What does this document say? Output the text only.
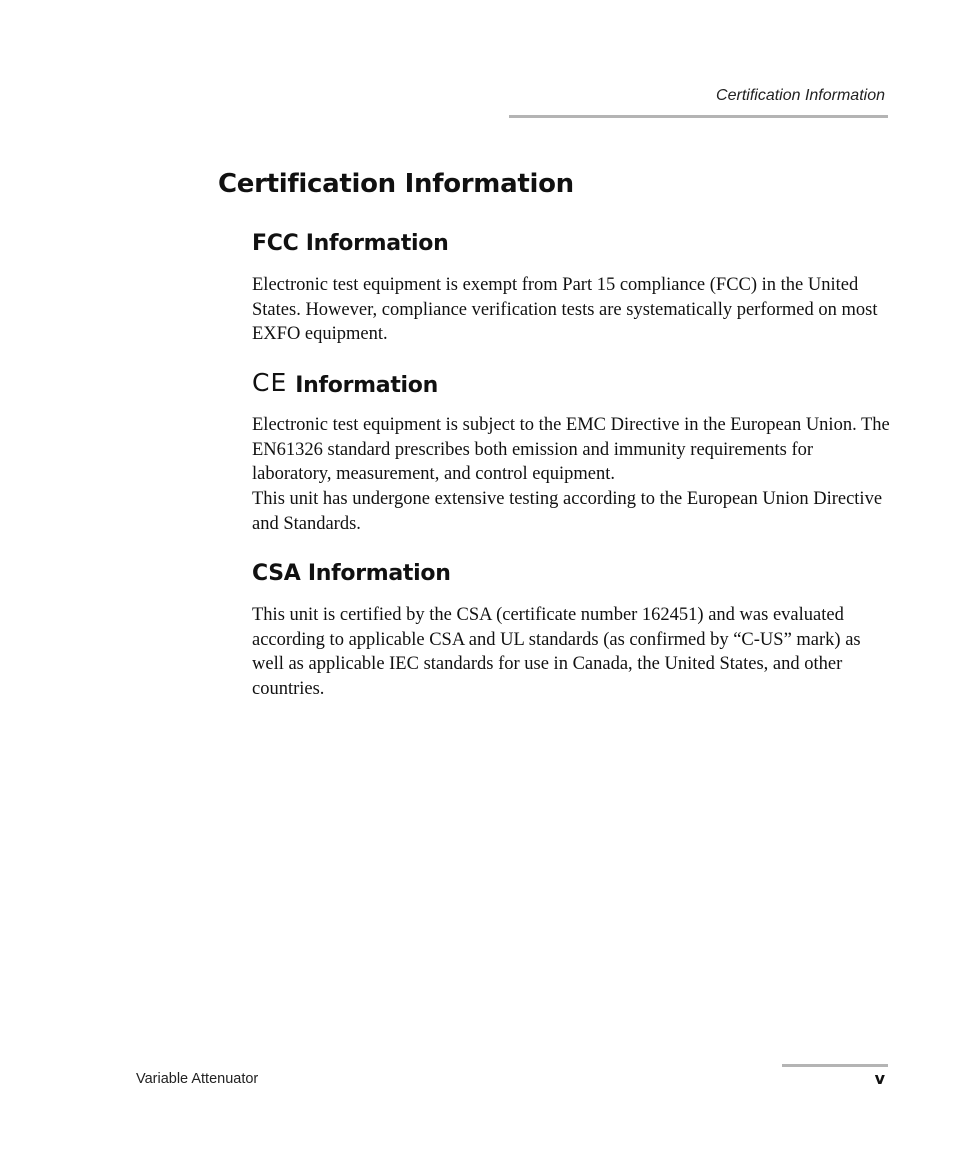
Certification Information
Certification Information
FCC Information

Electronic test equipment is exempt from Part 15 compliance (FCC) in the United States. However, compliance verification tests are systematically performed on most EXFO equipment.

CE Information

Electronic test equipment is subject to the EMC Directive in the European Union. The EN61326 standard prescribes both emission and immunity requirements for laboratory, measurement, and control equipment.

This unit has undergone extensive testing according to the European Union Directive and Standards.

CSA Information

This unit is certified by the CSA (certificate number 162451) and was evaluated according to applicable CSA and UL standards (as confirmed by “C-US” mark) as well as applicable IEC standards for use in Canada, the United States, and other countries.

Variable Attenuator	v
